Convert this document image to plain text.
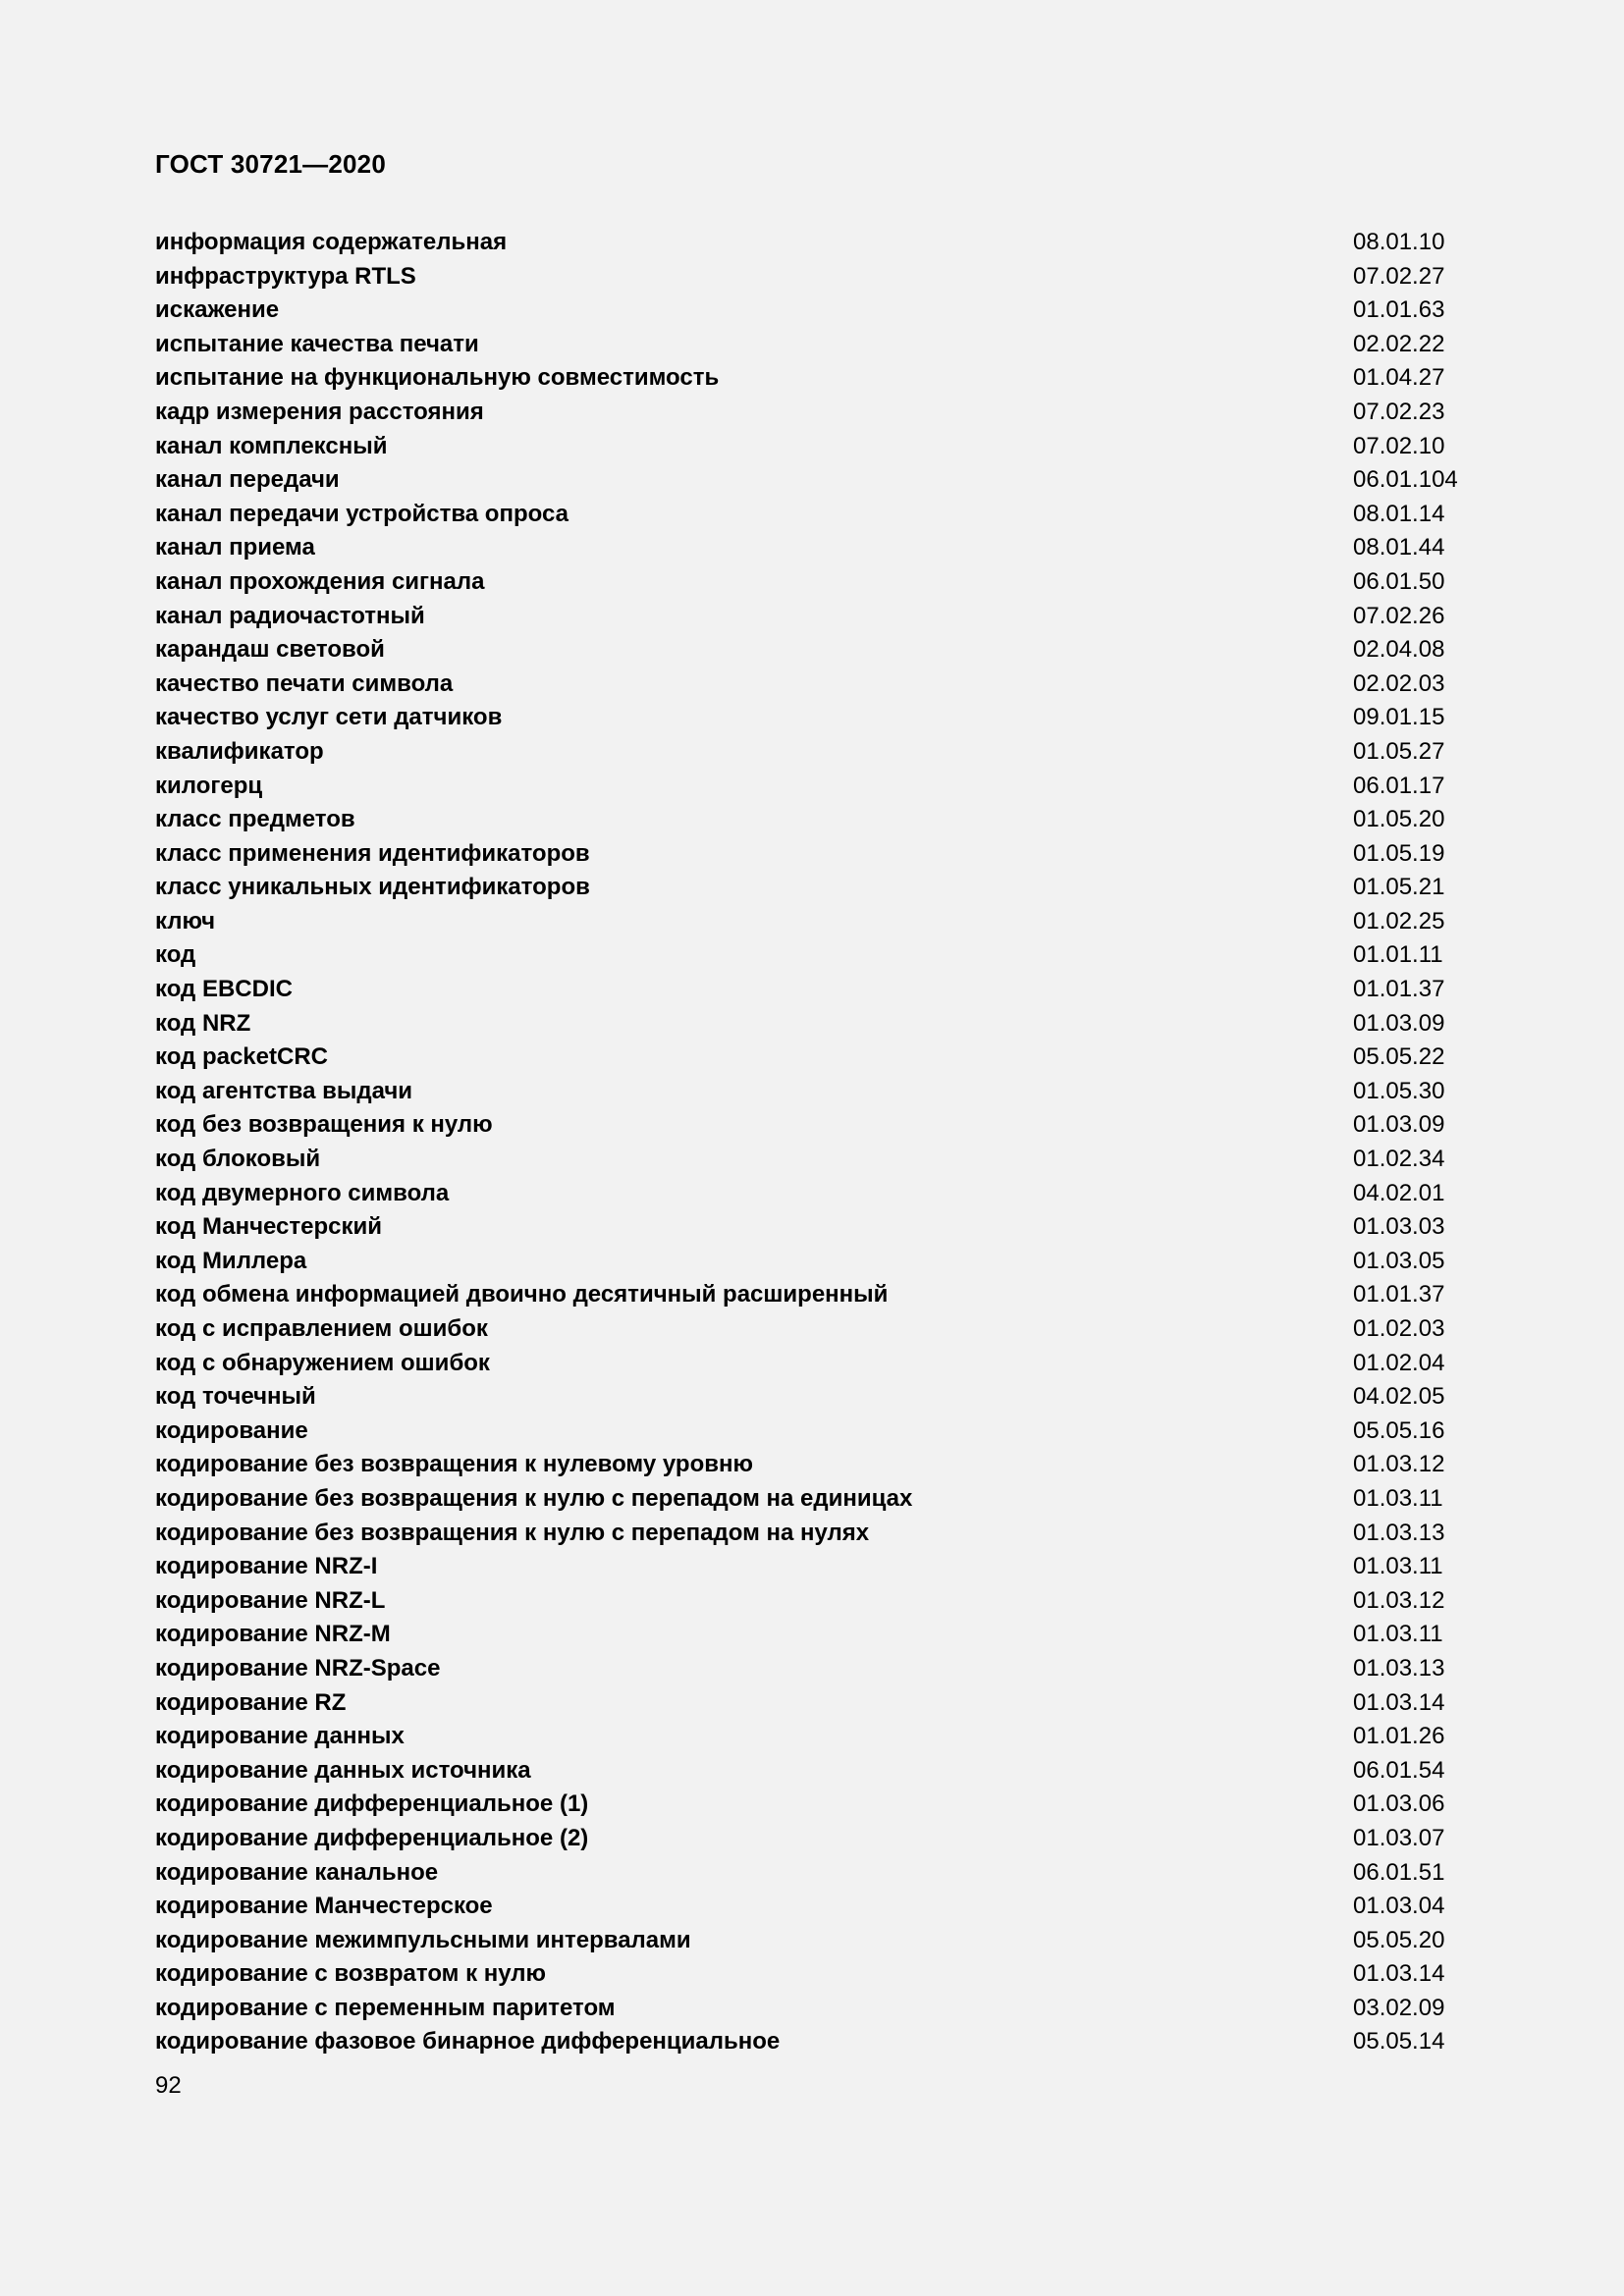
ГОСТ 30721—2020
информация содержательная	08.01.10
инфраструктура RTLS	07.02.27
искажение	01.01.63
испытание качества печати	02.02.22
испытание на функциональную совместимость	01.04.27
кадр измерения расстояния	07.02.23
канал комплексный	07.02.10
канал передачи	06.01.104
канал передачи устройства опроса	08.01.14
канал приема	08.01.44
канал прохождения сигнала	06.01.50
канал радиочастотный	07.02.26
карандаш световой	02.04.08
качество печати символа	02.02.03
качество услуг сети датчиков	09.01.15
квалификатор	01.05.27
килогерц	06.01.17
класс предметов	01.05.20
класс применения идентификаторов	01.05.19
класс уникальных идентификаторов	01.05.21
ключ	01.02.25
код	01.01.11
код EBCDIC	01.01.37
код NRZ	01.03.09
код packetCRC	05.05.22
код агентства выдачи	01.05.30
код без возвращения к нулю	01.03.09
код блоковый	01.02.34
код двумерного символа	04.02.01
код Манчестерский	01.03.03
код Миллера	01.03.05
код обмена информацией двоично десятичный расширенный	01.01.37
код с исправлением ошибок	01.02.03
код с обнаружением ошибок	01.02.04
код точечный	04.02.05
кодирование	05.05.16
кодирование без возвращения к нулевому уровню	01.03.12
кодирование без возвращения к нулю с перепадом на единицах	01.03.11
кодирование без возвращения к нулю с перепадом на нулях	01.03.13
кодирование NRZ-I	01.03.11
кодирование NRZ-L	01.03.12
кодирование NRZ-M	01.03.11
кодирование NRZ-Space	01.03.13
кодирование RZ	01.03.14
кодирование данных	01.01.26
кодирование данных источника	06.01.54
кодирование дифференциальное (1)	01.03.06
кодирование дифференциальное (2)	01.03.07
кодирование канальное	06.01.51
кодирование Манчестерское	01.03.04
кодирование межимпульсными интервалами	05.05.20
кодирование с возвратом к нулю	01.03.14
кодирование с переменным паритетом	03.02.09
кодирование фазовое бинарное дифференциальное	05.05.14
92
